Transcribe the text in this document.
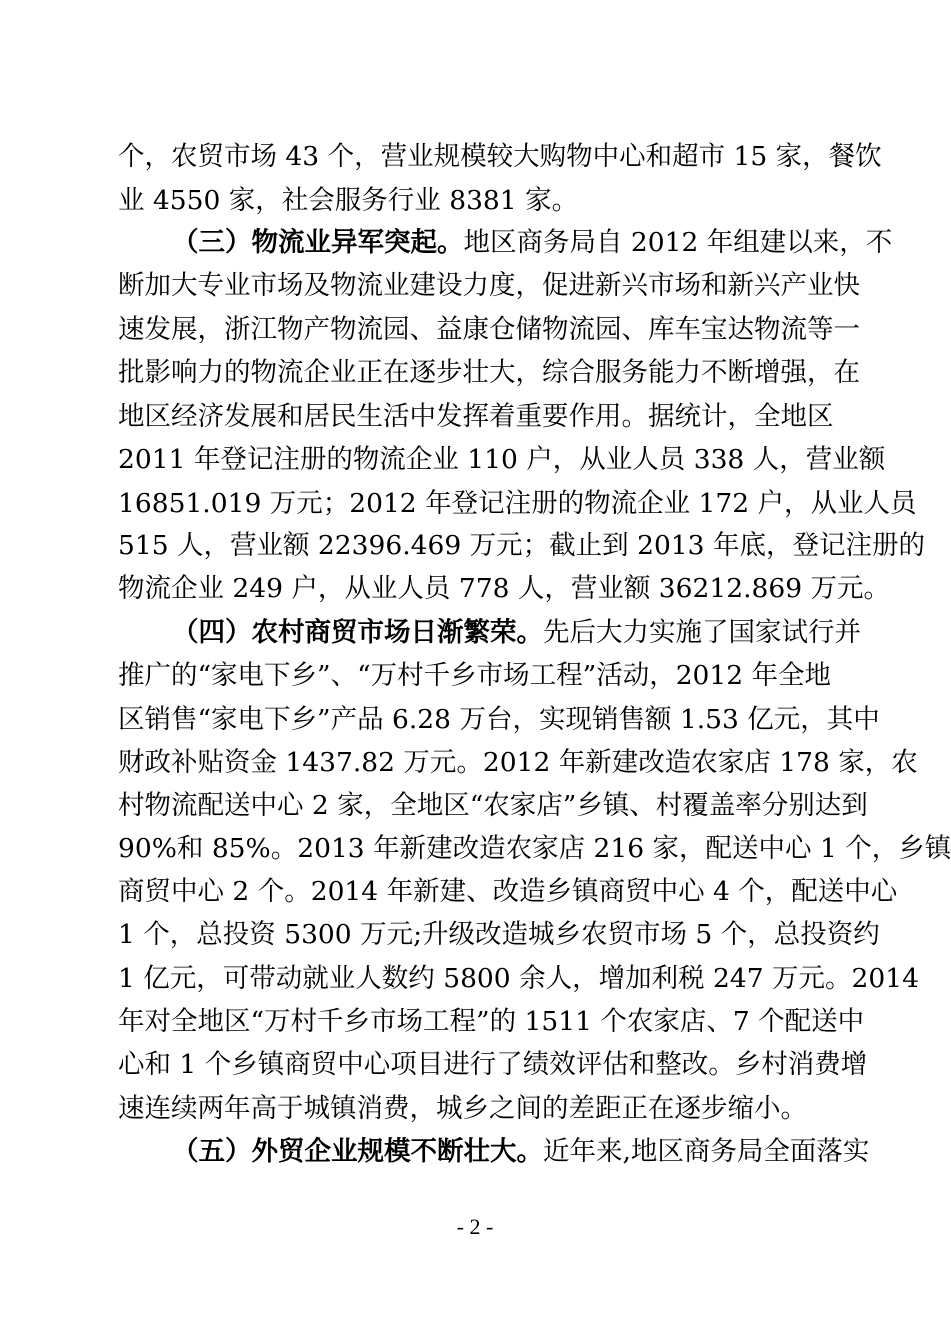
个，农贸市场 43 个，营业规模较大购物中心和超市 15 家，餐饮
业 4550 家，社会服务行业 8381 家。
（三）物流业异军突起。地区商务局自 2012 年组建以来，不
断加大专业市场及物流业建设力度，促进新兴市场和新兴产业快
速发展，浙江物产物流园、益康仓储物流园、库车宝达物流等一
批影响力的物流企业正在逐步壮大，综合服务能力不断增强，在
地区经济发展和居民生活中发挥着重要作用。据统计，全地区
2011 年登记注册的物流企业 110 户，从业人员 338 人，营业额
16851.019 万元；2012 年登记注册的物流企业 172 户，从业人员
515 人，营业额 22396.469 万元；截止到 2013 年底，登记注册的
物流企业 249 户，从业人员 778 人，营业额 36212.869 万元。
（四）农村商贸市场日渐繁荣。先后大力实施了国家试行并
推广的“家电下乡”、“万村千乡市场工程”活动，2012 年全地
区销售“家电下乡”产品 6.28 万台，实现销售额 1.53 亿元，其中
财政补贴资金 1437.82 万元。2012 年新建改造农家店 178 家，农
村物流配送中心 2 家，全地区“农家店”乡镇、村覆盖率分别达到
90%和 85%。2013 年新建改造农家店 216 家，配送中心 1 个，乡镇
商贸中心 2 个。2014 年新建、改造乡镇商贸中心 4 个，配送中心
1 个，总投资 5300 万元;升级改造城乡农贸市场 5 个，总投资约
1 亿元，可带动就业人数约 5800 余人，增加利税 247 万元。2014
年对全地区“万村千乡市场工程”的 1511 个农家店、7 个配送中
心和 1 个乡镇商贸中心项目进行了绩效评估和整改。乡村消费增
速连续两年高于城镇消费，城乡之间的差距正在逐步缩小。
（五）外贸企业规模不断壮大。近年来,地区商务局全面落实
- 2 -
